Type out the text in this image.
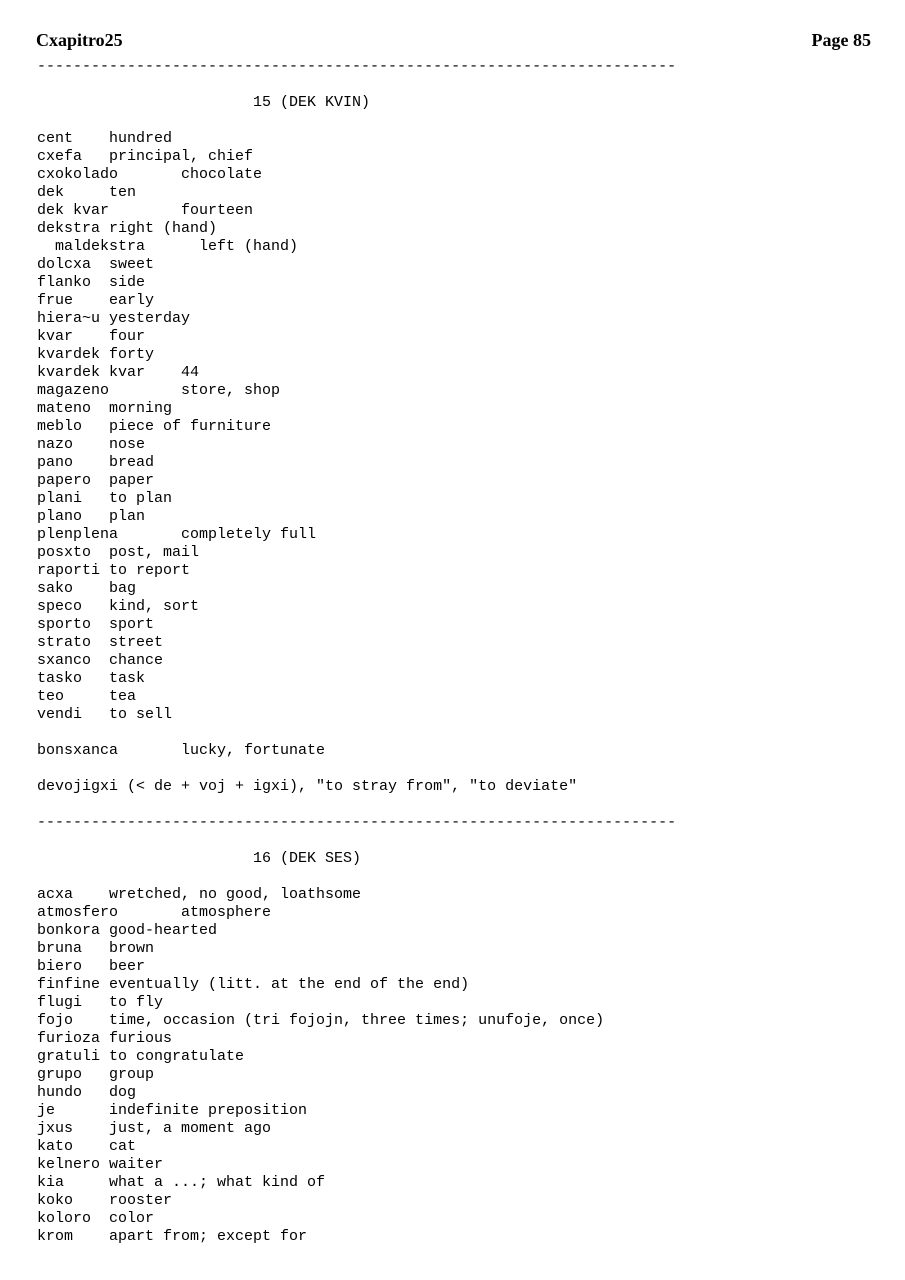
Cxapitro25	Page 85
-----------------------------------------------------------------------
15 (DEK KVIN)
cent    hundred
cxefa   principal, chief
cxokolado       chocolate
dek     ten
dek kvar        fourteen
dekstra right (hand)
maldekstra      left (hand)
dolcxa  sweet
flanko  side
frue    early
hiera~u yesterday
kvar    four
kvardek forty
kvardek kvar    44
magazeno        store, shop
mateno  morning
meblo   piece of furniture
nazo    nose
pano    bread
papero  paper
plani   to plan
plano   plan
plenplena       completely full
posxto  post, mail
raporti to report
sako    bag
speco   kind, sort
sporto  sport
strato  street
sxanco  chance
tasko   task
teo     tea
vendi   to sell
bonsxanca       lucky, fortunate
devojigxi (< de + voj + igxi), "to stray from", "to deviate"
-----------------------------------------------------------------------
16 (DEK SES)
acxa    wretched, no good, loathsome
atmosfero       atmosphere
bonkora good-hearted
bruna   brown
biero   beer
finfine eventually (litt. at the end of the end)
flugi   to fly
fojo    time, occasion (tri fojojn, three times; unufoje, once)
furioza furious
gratuli to congratulate
grupo   group
hundo   dog
je      indefinite preposition
jxus    just, a moment ago
kato    cat
kelnero waiter
kia     what a ...; what kind of
koko    rooster
koloro  color
krom    apart from; except for
